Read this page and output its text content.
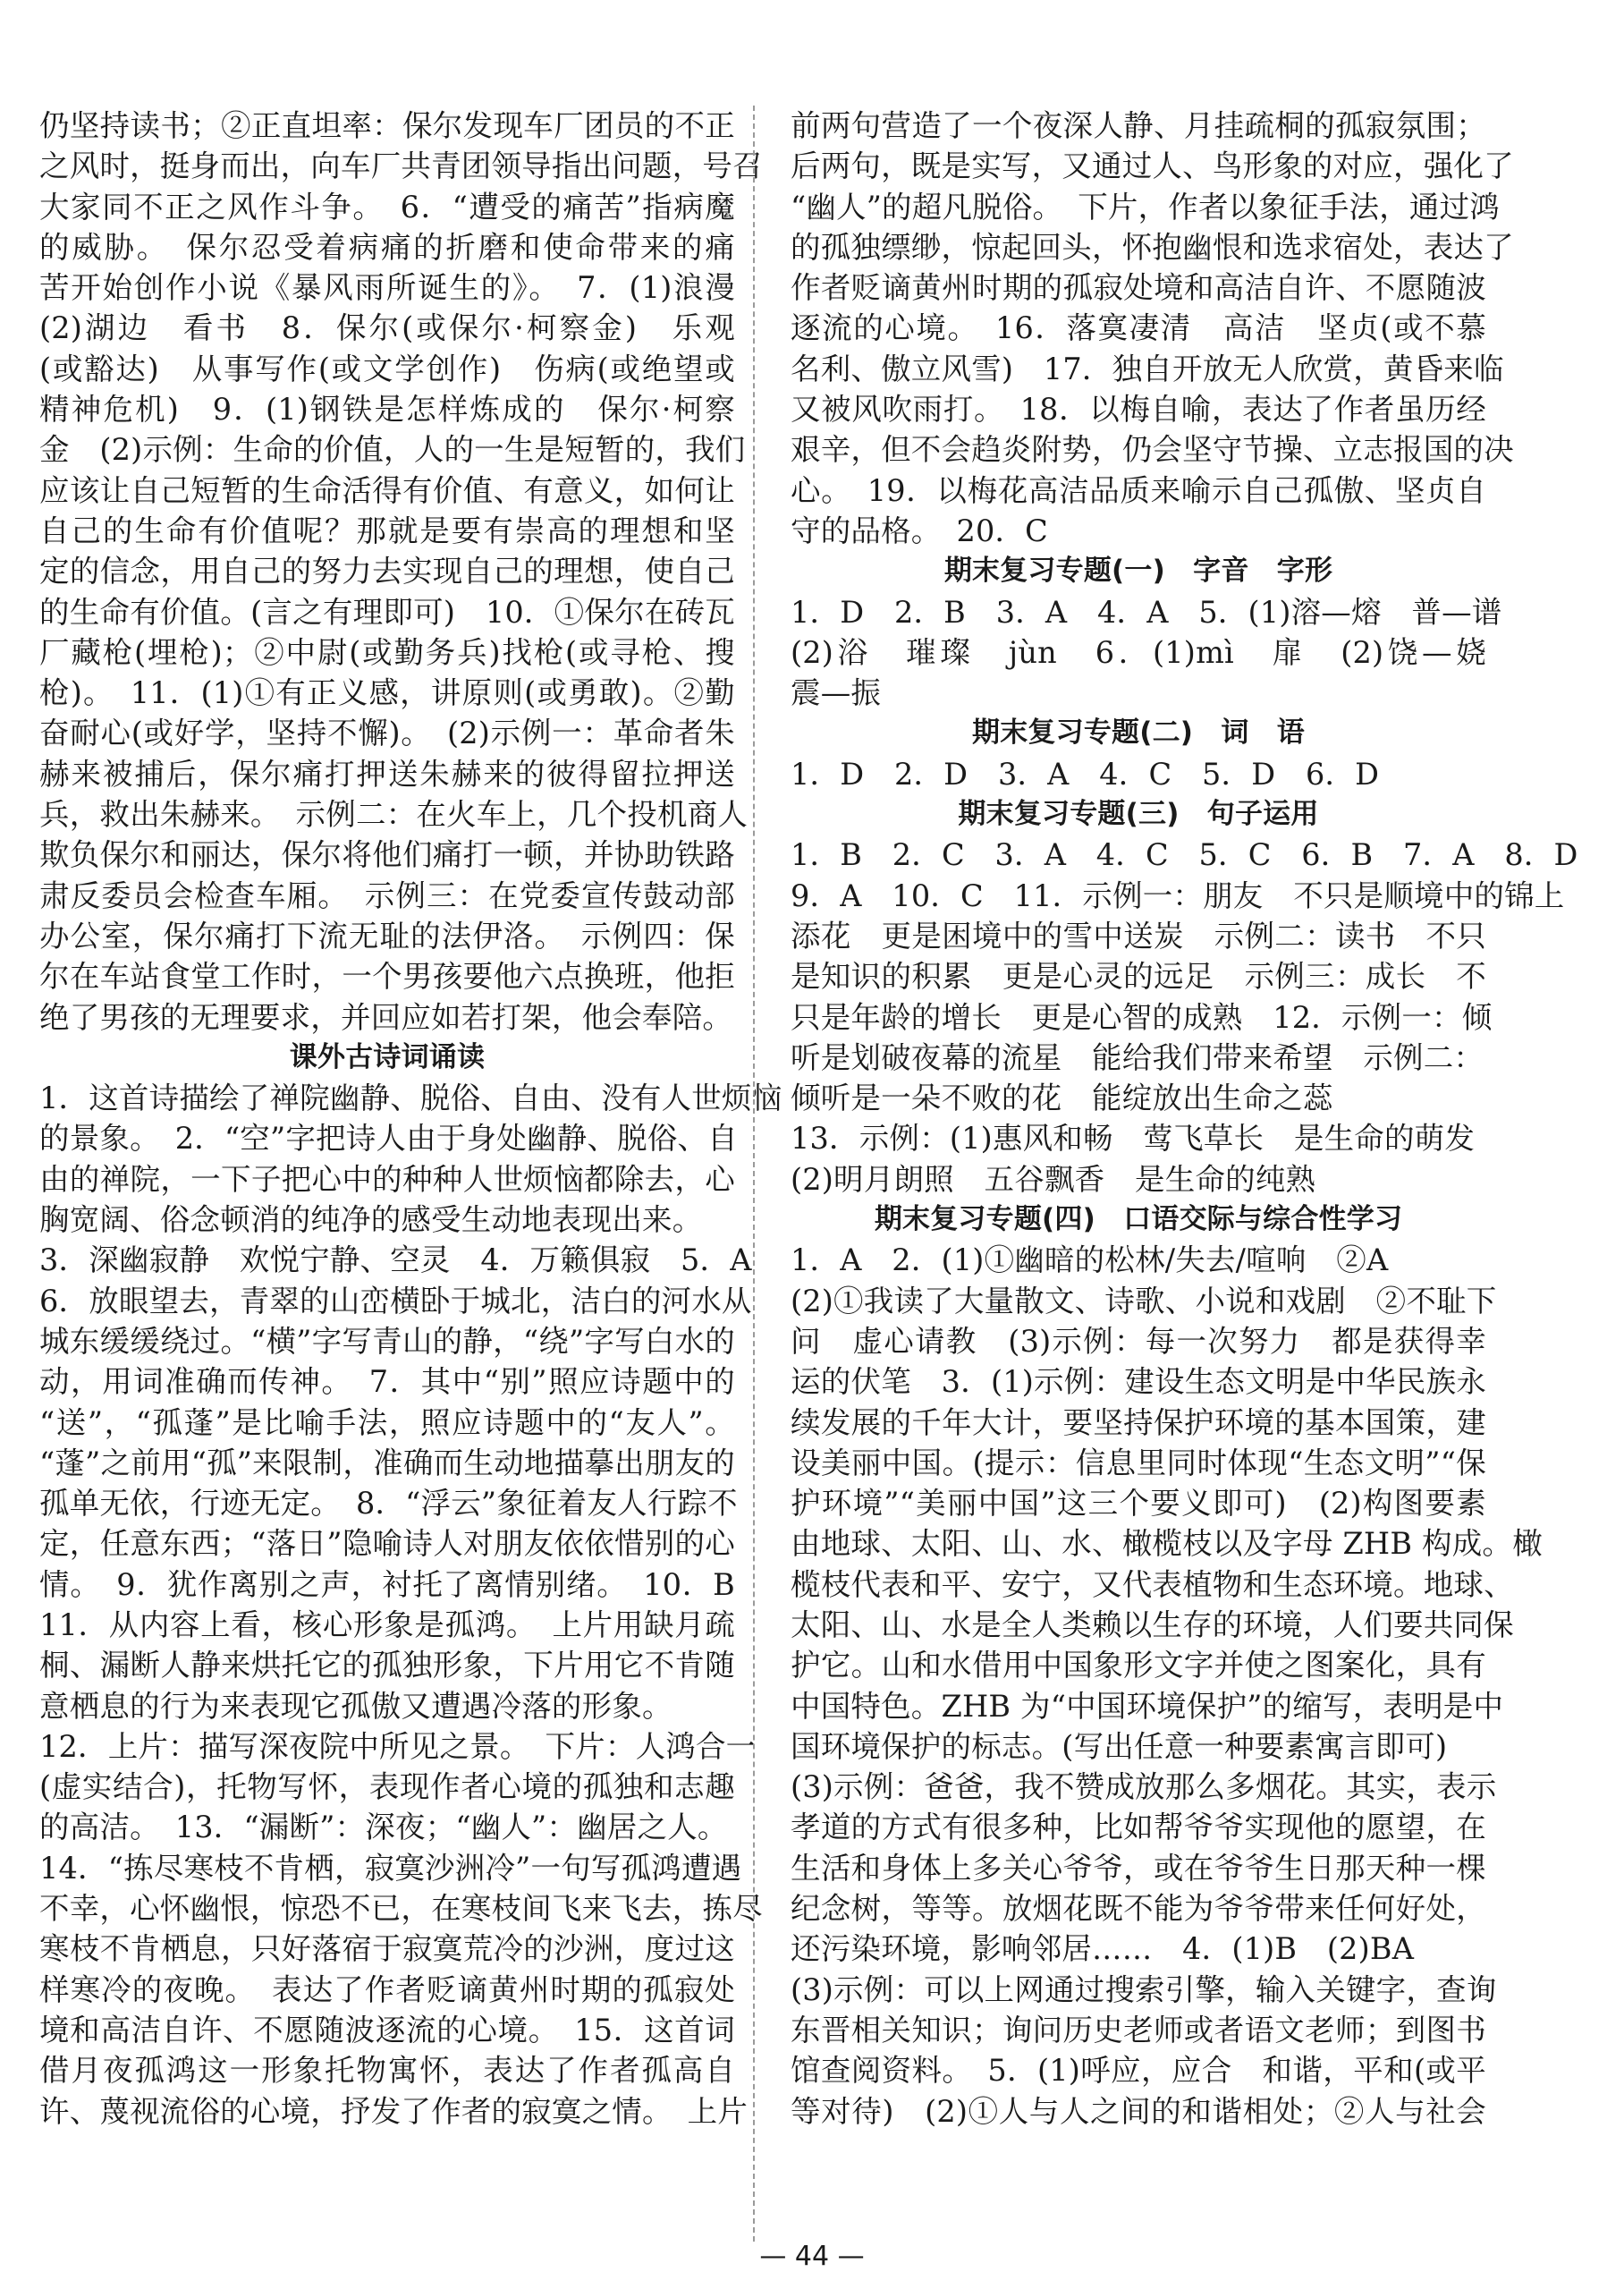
仍坚持读书；②正直坦率：保尔发现车厂团员的不正
之风时，挺身而出，向车厂共青团领导指出问题，号召
大家同不正之风作斗争。　6．“遭受的痛苦”指病魔
的威胁。　保尔忍受着病痛的折磨和使命带来的痛
苦开始创作小说《暴风雨所诞生的》。　7．(1)浪漫
(2)湖边　看书　8．保尔(或保尔·柯察金)　乐观
(或豁达)　从事写作(或文学创作)　伤病(或绝望或
精神危机)　9．(1)钢铁是怎样炼成的　保尔·柯察
金　(2)示例：生命的价值，人的一生是短暂的，我们
应该让自己短暂的生命活得有价值、有意义，如何让
自己的生命有价值呢？那就是要有崇高的理想和坚
定的信念，用自己的努力去实现自己的理想，使自己
的生命有价值。(言之有理即可)　10．①保尔在砖瓦
厂藏枪(埋枪)；②中尉(或勤务兵)找枪(或寻枪、搜
枪)。　11．(1)①有正义感，讲原则(或勇敢)。②勤
奋耐心(或好学，坚持不懈)。　(2)示例一：革命者朱
赫来被捕后，保尔痛打押送朱赫来的彼得留拉押送
兵，救出朱赫来。　示例二：在火车上，几个投机商人
欺负保尔和丽达，保尔将他们痛打一顿，并协助铁路
肃反委员会检查车厢。　示例三：在党委宣传鼓动部
办公室，保尔痛打下流无耻的法伊洛。　示例四：保
尔在车站食堂工作时，一个男孩要他六点换班，他拒
绝了男孩的无理要求，并回应如若打架，他会奉陪。
课外古诗词诵读
1．这首诗描绘了禅院幽静、脱俗、自由、没有人世烦恼
的景象。　2．“空”字把诗人由于身处幽静、脱俗、自
由的禅院，一下子把心中的种种人世烦恼都除去，心
胸宽阔、俗念顿消的纯净的感受生动地表现出来。
3．深幽寂静　欢悦宁静、空灵　4．万籁俱寂　5．A
6．放眼望去，青翠的山峦横卧于城北，洁白的河水从
城东缓缓绕过。“横”字写青山的静，“绕”字写白水的
动，用词准确而传神。　7．其中“别”照应诗题中的
“送”，“孤蓬”是比喻手法，照应诗题中的“友人”。
“蓬”之前用“孤”来限制，准确而生动地描摹出朋友的
孤单无依，行迹无定。　8．“浮云”象征着友人行踪不
定，任意东西；“落日”隐喻诗人对朋友依依惜别的心
情。　9．犹作离别之声，衬托了离情别绪。　10．B
11．从内容上看，核心形象是孤鸿。　上片用缺月疏
桐、漏断人静来烘托它的孤独形象，下片用它不肯随
意栖息的行为来表现它孤傲又遭遇冷落的形象。
12．上片：描写深夜院中所见之景。　下片：人鸿合一
(虚实结合)，托物写怀，表现作者心境的孤独和志趣
的高洁。　13．“漏断”：深夜；“幽人”：幽居之人。
14．“拣尽寒枝不肯栖，寂寞沙洲冷”一句写孤鸿遭遇
不幸，心怀幽恨，惊恐不已，在寒枝间飞来飞去，拣尽
寒枝不肯栖息，只好落宿于寂寞荒冷的沙洲，度过这
样寒冷的夜晚。　表达了作者贬谪黄州时期的孤寂处
境和高洁自许、不愿随波逐流的心境。　15．这首词
借月夜孤鸿这一形象托物寓怀，表达了作者孤高自
许、蔑视流俗的心境，抒发了作者的寂寞之情。　上片
前两句营造了一个夜深人静、月挂疏桐的孤寂氛围；
后两句，既是实写，又通过人、鸟形象的对应，强化了
“幽人”的超凡脱俗。　下片，作者以象征手法，通过鸿
的孤独缥缈，惊起回头，怀抱幽恨和选求宿处，表达了
作者贬谪黄州时期的孤寂处境和高洁自许、不愿随波
逐流的心境。　16．落寞凄清　高洁　坚贞(或不慕
名利、傲立风雪)　17．独自开放无人欣赏，黄昏来临
又被风吹雨打。　18．以梅自喻，表达了作者虽历经
艰辛，但不会趋炎附势，仍会坚守节操、立志报国的决
心。　19．以梅花高洁品质来喻示自己孤傲、坚贞自
守的品格。　20．C
期末复习专题(一)　字音　字形
1．D　2．B　3．A　4．A　5．(1)溶—熔　普—谱
(2)浴　璀璨　jùn　6．(1)mì　扉　(2)饶—娆
震—振
期末复习专题(二)　词　语
1．D　2．D　3．A　4．C　5．D　6．D
期末复习专题(三)　句子运用
1．B　2．C　3．A　4．C　5．C　6．B　7．A　8．D
9．A　10．C　11．示例一：朋友　不只是顺境中的锦上
添花　更是困境中的雪中送炭　示例二：读书　不只
是知识的积累　更是心灵的远足　示例三：成长　不
只是年龄的增长　更是心智的成熟　12．示例一：倾
听是划破夜幕的流星　能给我们带来希望　示例二：
倾听是一朵不败的花　能绽放出生命之蕊
13．示例：(1)惠风和畅　莺飞草长　是生命的萌发
(2)明月朗照　五谷飘香　是生命的纯熟
期末复习专题(四)　口语交际与综合性学习
1．A　2．(1)①幽暗的松林/失去/喧响　②A
(2)①我读了大量散文、诗歌、小说和戏剧　②不耻下
问　虚心请教　(3)示例：每一次努力　都是获得幸
运的伏笔　3．(1)示例：建设生态文明是中华民族永
续发展的千年大计，要坚持保护环境的基本国策，建
设美丽中国。(提示：信息里同时体现“生态文明”“保
护环境”“美丽中国”这三个要义即可)　(2)构图要素
由地球、太阳、山、水、橄榄枝以及字母 ZHB 构成。橄
榄枝代表和平、安宁，又代表植物和生态环境。地球、
太阳、山、水是全人类赖以生存的环境，人们要共同保
护它。山和水借用中国象形文字并使之图案化，具有
中国特色。ZHB 为“中国环境保护”的缩写，表明是中
国环境保护的标志。(写出任意一种要素寓言即可)
(3)示例：爸爸，我不赞成放那么多烟花。其实，表示
孝道的方式有很多种，比如帮爷爷实现他的愿望，在
生活和身体上多关心爷爷，或在爷爷生日那天种一棵
纪念树，等等。放烟花既不能为爷爷带来任何好处，
还污染环境，影响邻居……　4．(1)B　(2)BA
(3)示例：可以上网通过搜索引擎，输入关键字，查询
东晋相关知识；询问历史老师或者语文老师；到图书
馆查阅资料。　5．(1)呼应，应合　和谐，平和(或平
等对待)　(2)①人与人之间的和谐相处；②人与社会
— 44 —
